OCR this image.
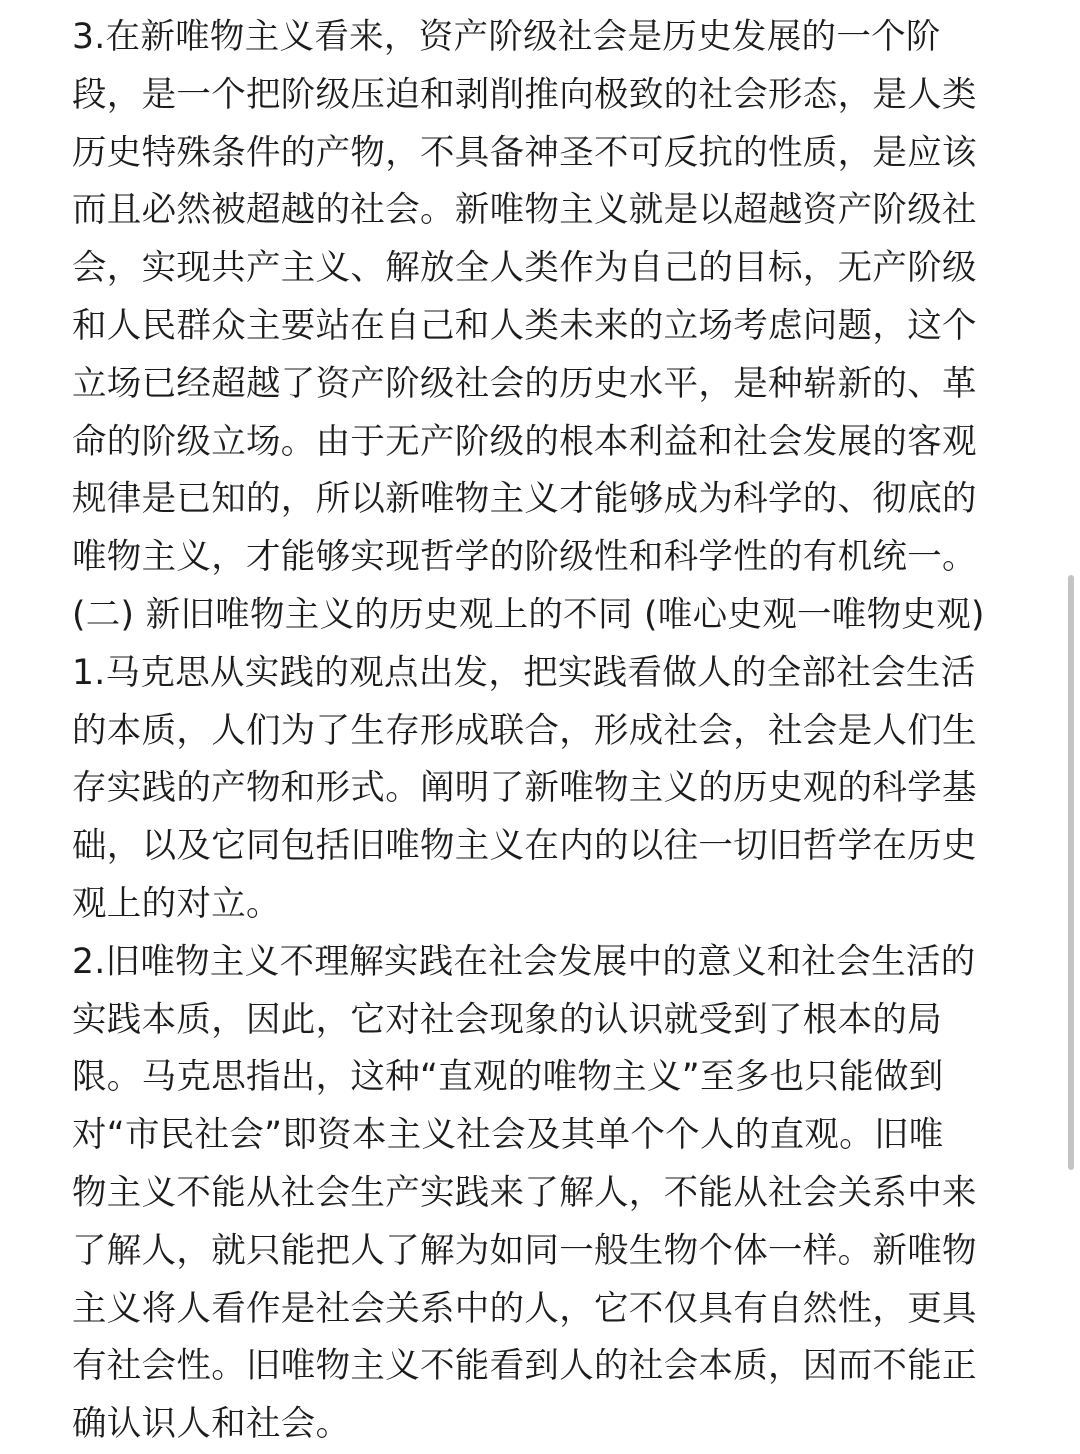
3.在新唯物主义看来，资产阶级社会是历史发展的一个阶
段，是一个把阶级压迫和剥削推向极致的社会形态，是人类
历史特殊条件的产物，不具备神圣不可反抗的性质，是应该
而且必然被超越的社会。新唯物主义就是以超越资产阶级社
会，实现共产主义、解放全人类作为自己的目标，无产阶级
和人民群众主要站在自己和人类未来的立场考虑问题，这个
立场已经超越了资产阶级社会的历史水平，是种崭新的、革
命的阶级立场。由于无产阶级的根本利益和社会发展的客观
规律是已知的，所以新唯物主义才能够成为科学的、彻底的
唯物主义，才能够实现哲学的阶级性和科学性的有机统一。
(二) 新旧唯物主义的历史观上的不同 (唯心史观一唯物史观)
1.马克思从实践的观点出发，把实践看做人的全部社会生活
的本质，人们为了生存形成联合，形成社会，社会是人们生
存实践的产物和形式。阐明了新唯物主义的历史观的科学基
础，以及它同包括旧唯物主义在内的以往一切旧哲学在历史
观上的对立。
2.旧唯物主义不理解实践在社会发展中的意义和社会生活的
实践本质，因此，它对社会现象的认识就受到了根本的局
限。马克思指出，这种“直观的唯物主义”至多也只能做到
对“市民社会”即资本主义社会及其单个个人的直观。旧唯
物主义不能从社会生产实践来了解人，不能从社会关系中来
了解人，就只能把人了解为如同一般生物个体一样。新唯物
主义将人看作是社会关系中的人，它不仅具有自然性，更具
有社会性。旧唯物主义不能看到人的社会本质，因而不能正
确认识人和社会。
